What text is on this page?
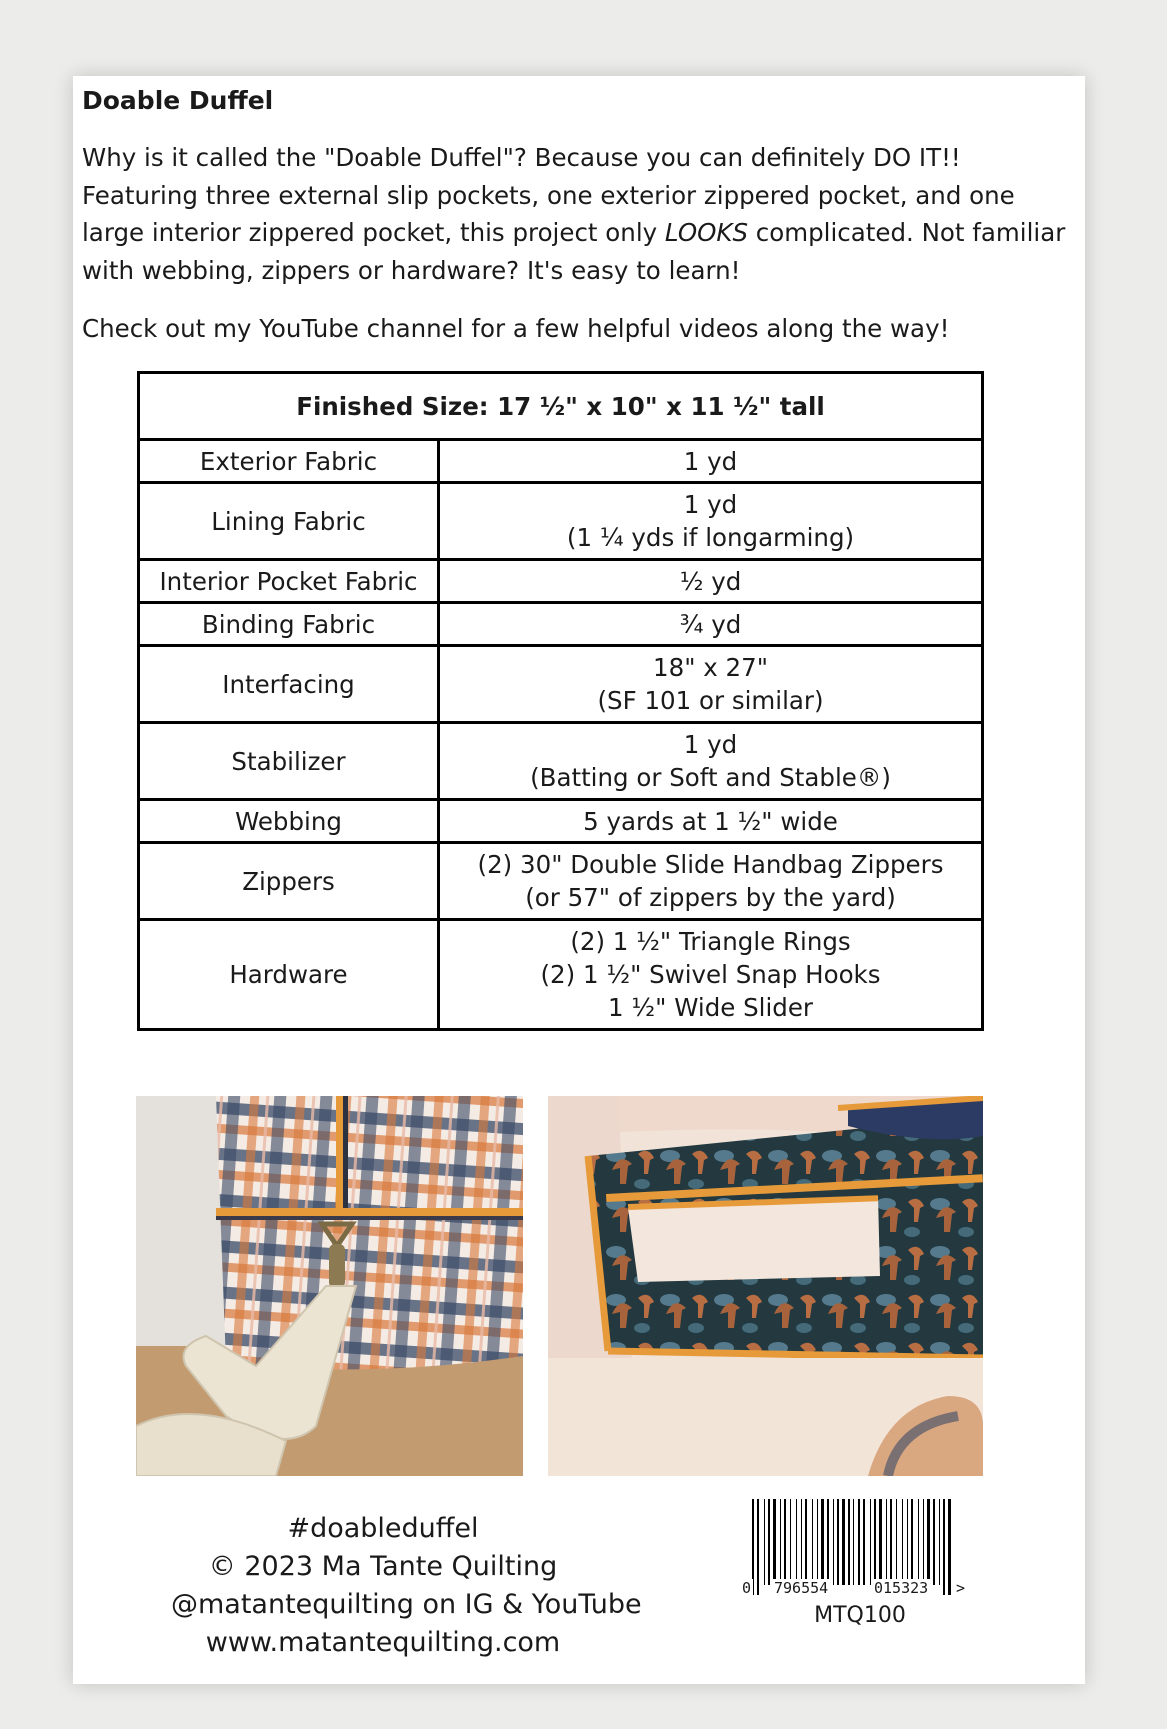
Doable Duffel
Why is it called the "Doable Duffel"? Because you can definitely DO IT!!
Featuring three external slip pockets, one exterior zippered pocket, and one
large interior zippered pocket, this project only LOOKS complicated. Not familiar
with webbing, zippers or hardware? It's easy to learn!

Check out my YouTube channel for a few helpful videos along the way!

Finished Size: 17 ½" x 10" x 11 ½" tall	
Exterior Fabric	1 yd

Lining Fabric	1 yd
(1 ¼ yds if longarming)

Interior Pocket Fabric	½ yd

Binding Fabric	¾ yd

Interfacing	18" x 27"
(SF 101 or similar)

Stabilizer	1 yd
(Batting or Soft and Stable®)

Webbing	5 yards at 1 ½" wide

Zippers	(2) 30" Double Slide Handbag Zippers
(or 57" of zippers by the yard)

Hardware	(2) 1 ½" Triangle Rings
(2) 1 ½" Swivel Snap Hooks
1 ½" Wide Slider
#doableduffel
© 2023 Ma Tante Quilting
@matantequilting on IG & YouTube
www.matantequilting.com
0 796554	015323 >
MTQ100
